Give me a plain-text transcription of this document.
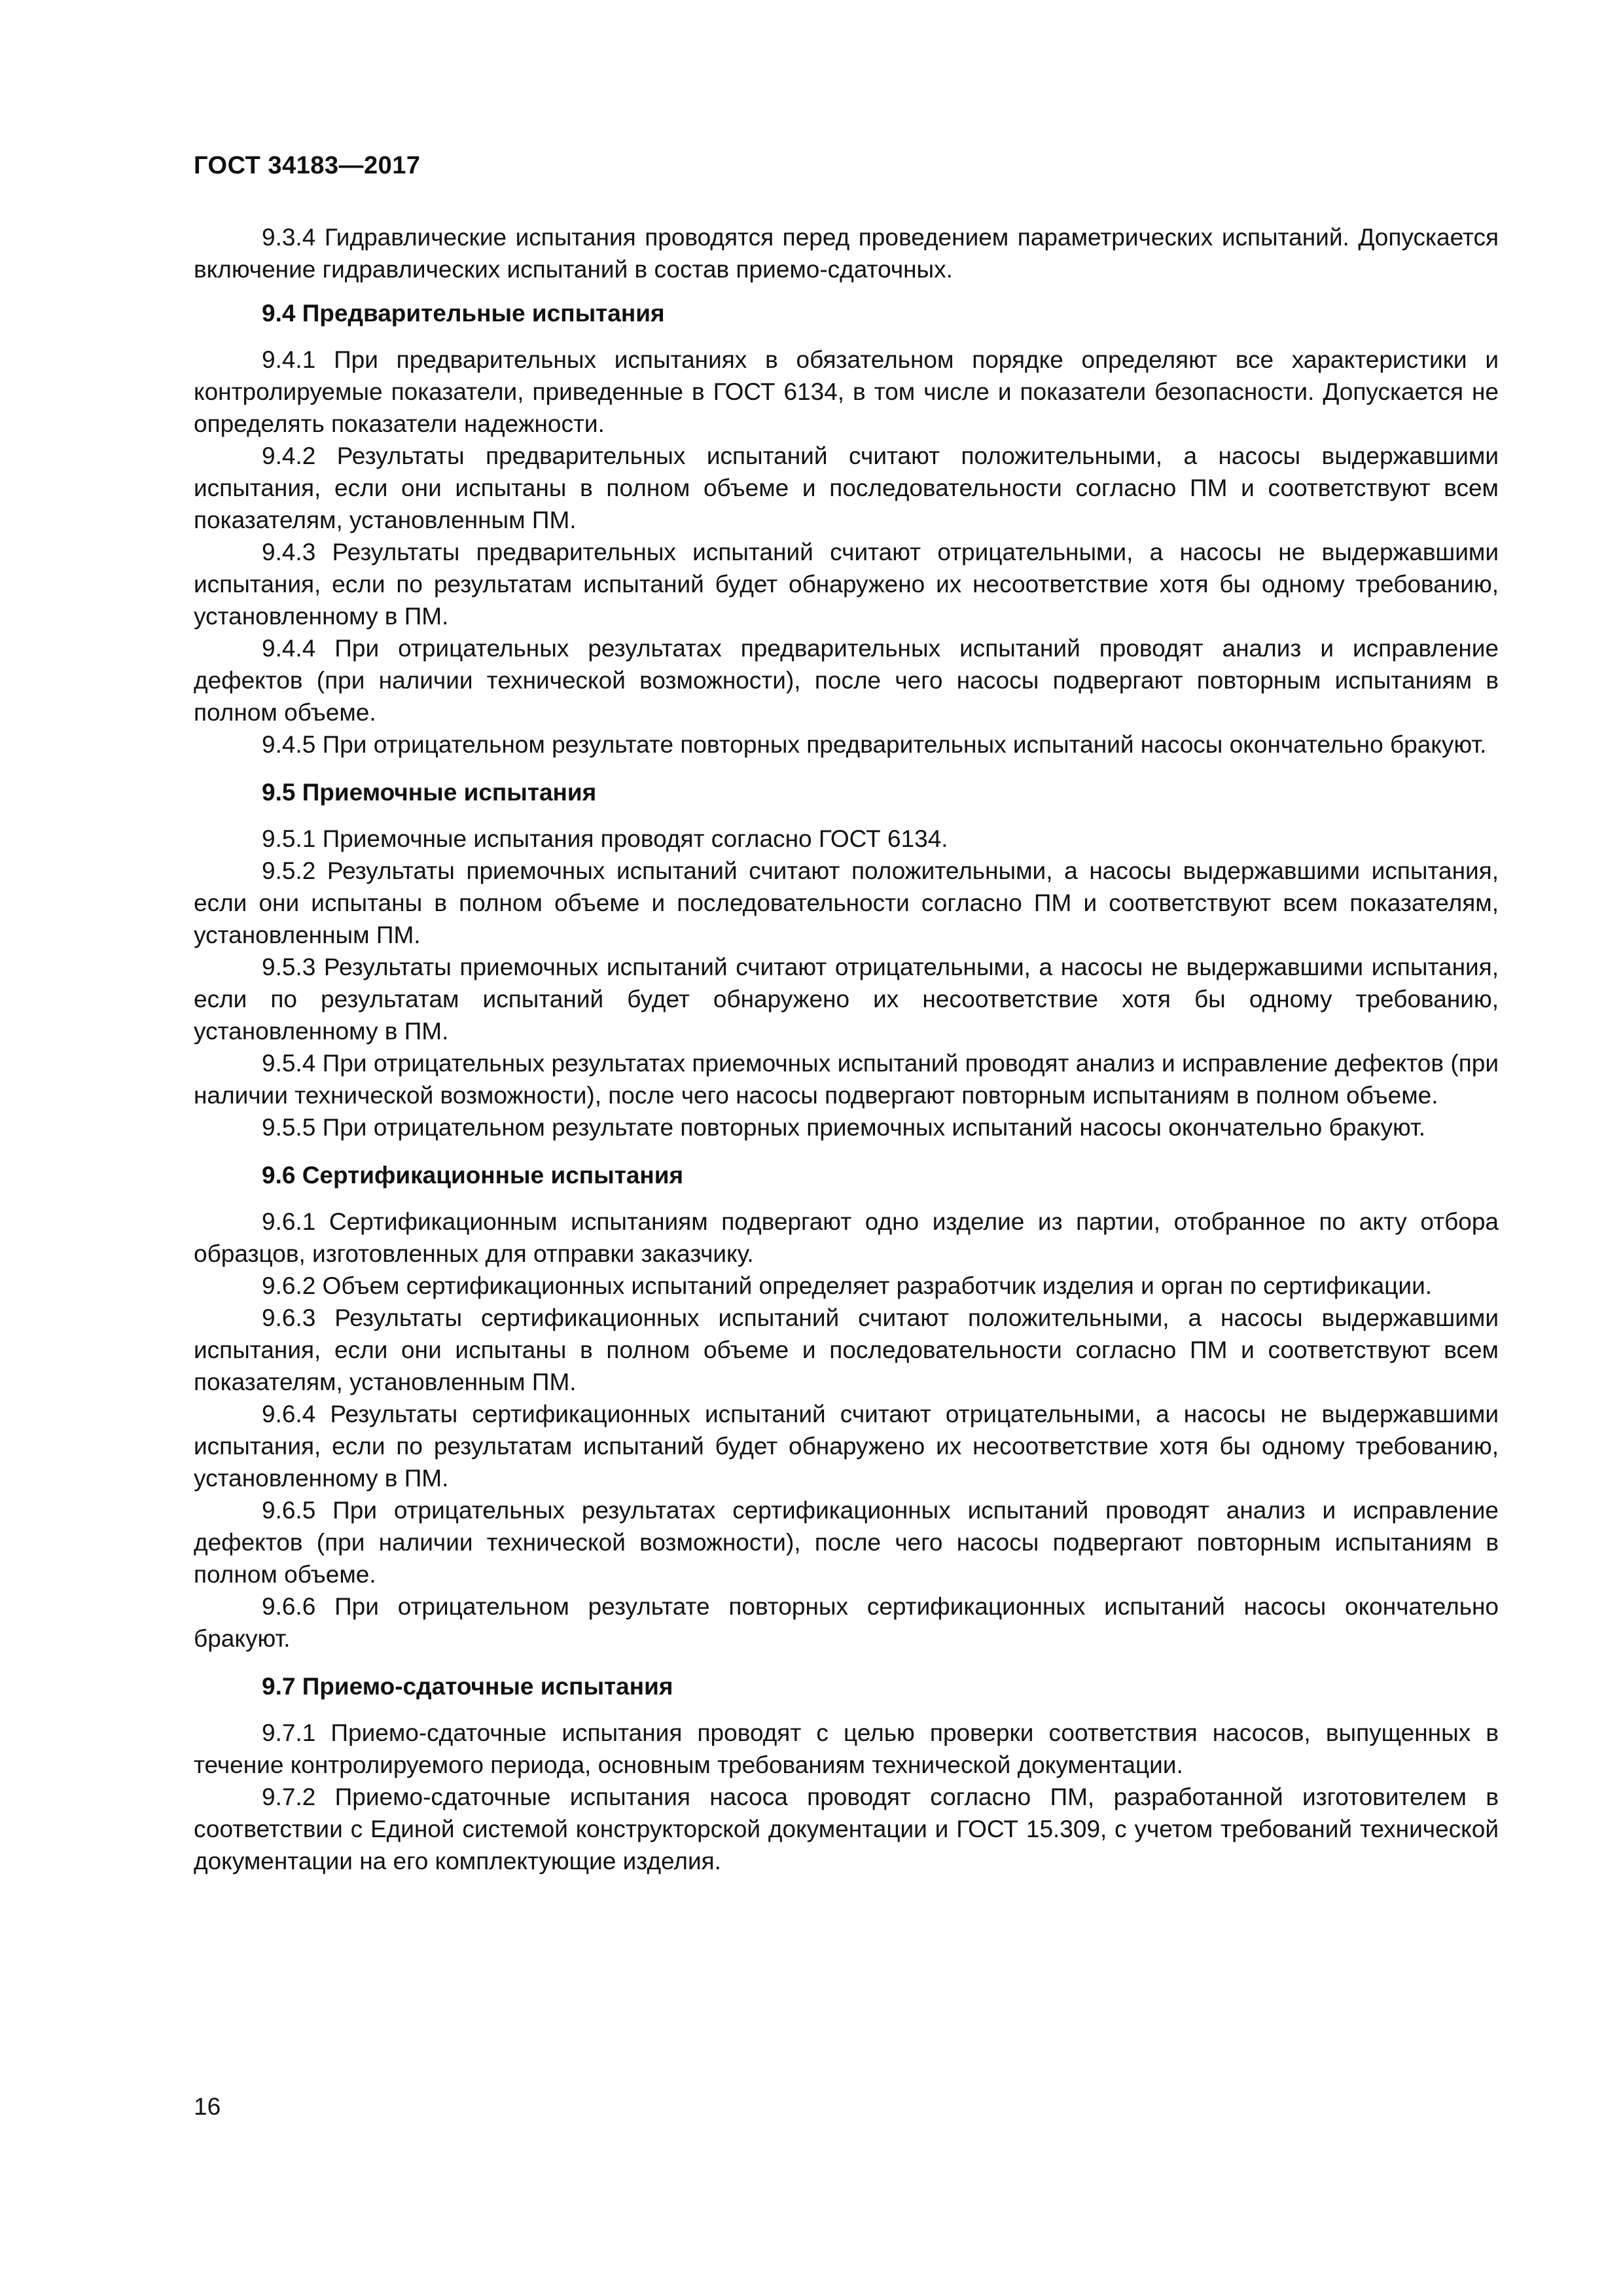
ГОСТ 34183—2017

9.3.4 Гидравлические испытания проводятся перед проведением параметрических испытаний. Допускается включение гидравлических испытаний в состав приемо-сдаточных.

9.4 Предварительные испытания

9.4.1 При предварительных испытаниях в обязательном порядке определяют все характеристики и контролируемые показатели, приведенные в ГОСТ 6134, в том числе и показатели безопасности. Допускается не определять показатели надежности.

9.4.2 Результаты предварительных испытаний считают положительными, а насосы выдержавшими испытания, если они испытаны в полном объеме и последовательности согласно ПМ и соответствуют всем показателям, установленным ПМ.

9.4.3 Результаты предварительных испытаний считают отрицательными, а насосы не выдержавшими испытания, если по результатам испытаний будет обнаружено их несоответствие хотя бы одному требованию, установленному в ПМ.

9.4.4 При отрицательных результатах предварительных испытаний проводят анализ и исправление дефектов (при наличии технической возможности), после чего насосы подвергают повторным испытаниям в полном объеме.

9.4.5 При отрицательном результате повторных предварительных испытаний насосы окончательно бракуют.

9.5 Приемочные испытания

9.5.1 Приемочные испытания проводят согласно ГОСТ 6134.

9.5.2 Результаты приемочных испытаний считают положительными, а насосы выдержавшими испытания, если они испытаны в полном объеме и последовательности согласно ПМ и соответствуют всем показателям, установленным ПМ.

9.5.3 Результаты приемочных испытаний считают отрицательными, а насосы не выдержавшими испытания, если по результатам испытаний будет обнаружено их несоответствие хотя бы одному требованию, установленному в ПМ.

9.5.4 При отрицательных результатах приемочных испытаний проводят анализ и исправление дефектов (при наличии технической возможности), после чего насосы подвергают повторным испытаниям в полном объеме.

9.5.5 При отрицательном результате повторных приемочных испытаний насосы окончательно бракуют.

9.6 Сертификационные испытания

9.6.1 Сертификационным испытаниям подвергают одно изделие из партии, отобранное по акту отбора образцов, изготовленных для отправки заказчику.

9.6.2 Объем сертификационных испытаний определяет разработчик изделия и орган по сертификации.

9.6.3 Результаты сертификационных испытаний считают положительными, а насосы выдержавшими испытания, если они испытаны в полном объеме и последовательности согласно ПМ и соответствуют всем показателям, установленным ПМ.

9.6.4 Результаты сертификационных испытаний считают отрицательными, а насосы не выдержавшими испытания, если по результатам испытаний будет обнаружено их несоответствие хотя бы одному требованию, установленному в ПМ.

9.6.5 При отрицательных результатах сертификационных испытаний проводят анализ и исправление дефектов (при наличии технической возможности), после чего насосы подвергают повторным испытаниям в полном объеме.

9.6.6 При отрицательном результате повторных сертификационных испытаний насосы окончательно бракуют.

9.7 Приемо-сдаточные испытания

9.7.1 Приемо-сдаточные испытания проводят с целью проверки соответствия насосов, выпущенных в течение контролируемого периода, основным требованиям технической документации.

9.7.2 Приемо-сдаточные испытания насоса проводят согласно ПМ, разработанной изготовителем в соответствии с Единой системой конструкторской документации и ГОСТ 15.309, с учетом требований технической документации на его комплектующие изделия.

16
